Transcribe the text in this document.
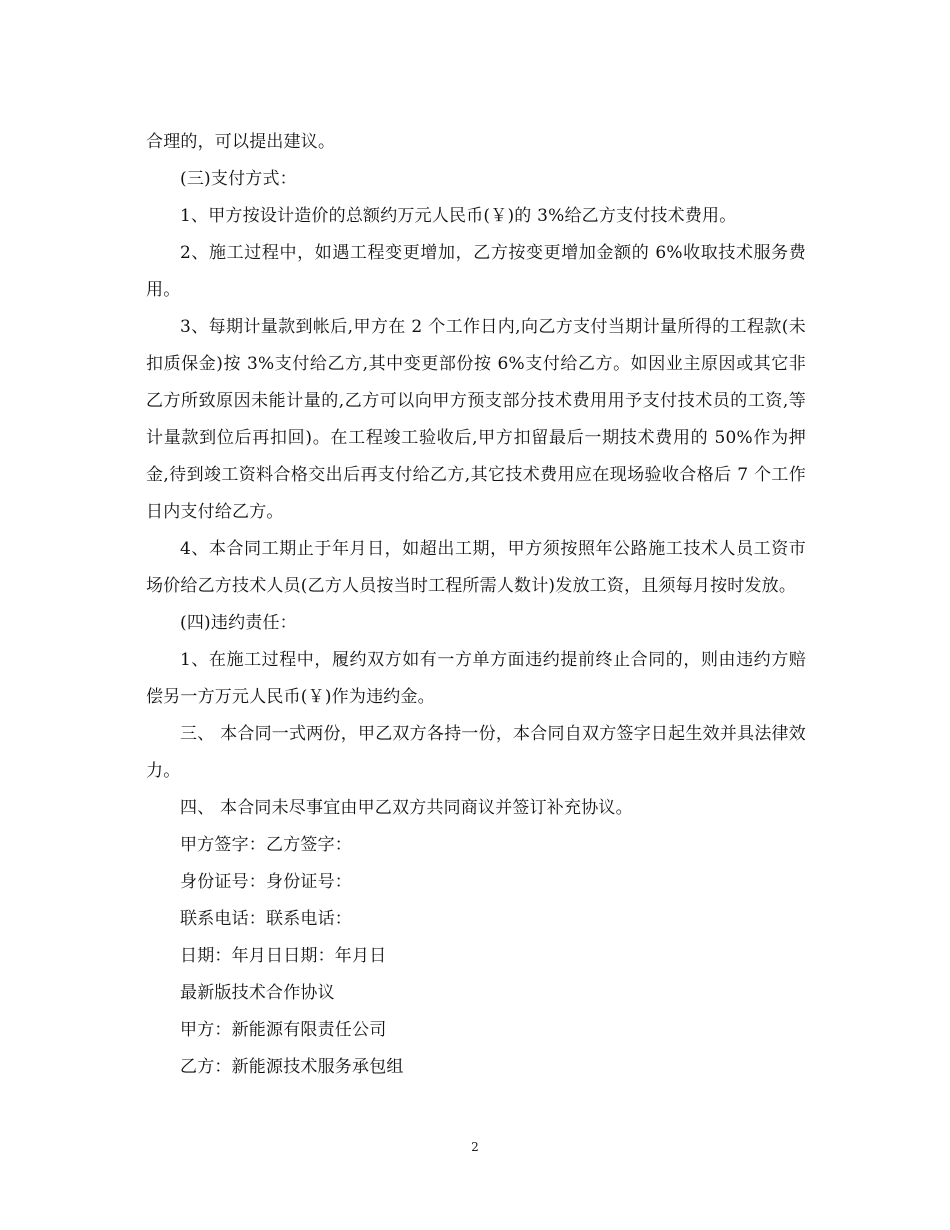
合理的，可以提出建议。

(三)支付方式：

1、甲方按设计造价的总额约万元人民币(￥)的 3%给乙方支付技术费用。

2、施工过程中，如遇工程变更增加，乙方按变更增加金额的 6%收取技术服务费用。

3、每期计量款到帐后,甲方在 2 个工作日内,向乙方支付当期计量所得的工程款(未扣质保金)按 3%支付给乙方,其中变更部份按 6%支付给乙方。如因业主原因或其它非乙方所致原因未能计量的,乙方可以向甲方预支部分技术费用用予支付技术员的工资,等计量款到位后再扣回)。在工程竣工验收后,甲方扣留最后一期技术费用的 50%作为押金,待到竣工资料合格交出后再支付给乙方,其它技术费用应在现场验收合格后 7 个工作日内支付给乙方。

4、本合同工期止于年月日，如超出工期，甲方须按照年公路施工技术人员工资市场价给乙方技术人员(乙方人员按当时工程所需人数计)发放工资，且须每月按时发放。

(四)违约责任：

1、在施工过程中，履约双方如有一方单方面违约提前终止合同的，则由违约方赔偿另一方万元人民币(￥)作为违约金。

三、 本合同一式两份，甲乙双方各持一份，本合同自双方签字日起生效并具法律效力。

四、 本合同未尽事宜由甲乙双方共同商议并签订补充协议。

甲方签字：乙方签字：

身份证号：身份证号：

联系电话：联系电话：

日期：年月日日期：年月日

最新版技术合作协议

甲方：新能源有限责任公司

乙方：新能源技术服务承包组

2
